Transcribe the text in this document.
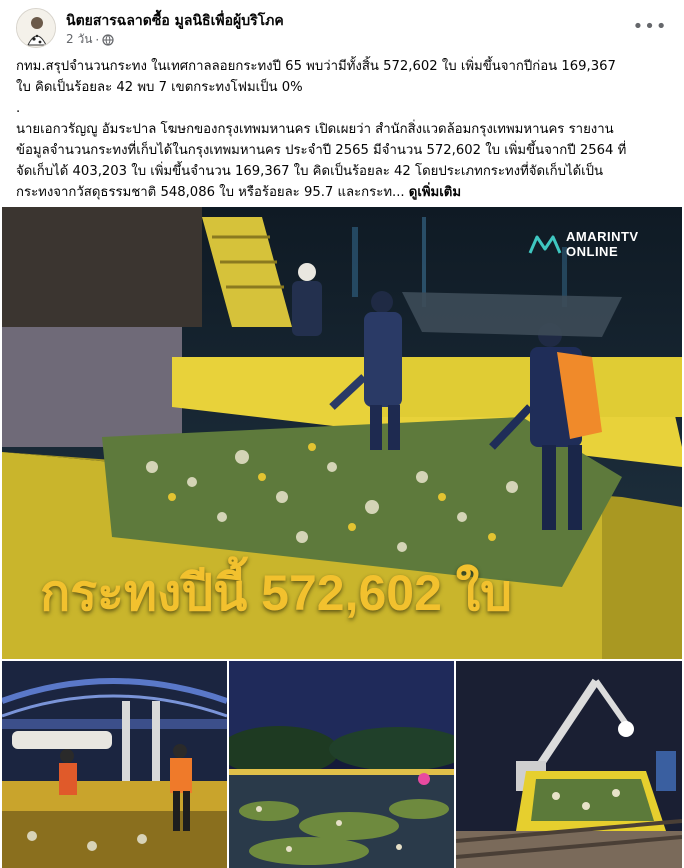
นิตยสารฉลาดซื้อ มูลนิธิเพื่อผู้บริโภค
2 วัน ·
•••

กทม.สรุปจำนวนกระทง ในเทศกาลลอยกระทงปี 65 พบว่ามีทั้งสิ้น 572,602 ใบ เพิ่มขึ้นจากปีก่อน 169,367

ใบ คิดเป็นร้อยละ 42 พบ 7 เขตกระทงโฟมเป็น 0%

.

นายเอกวรัญญู อัมระปาล โฆษกของกรุงเทพมหานคร เปิดเผยว่า สำนักสิ่งแวดล้อมกรุงเทพมหานคร รายงาน

ข้อมูลจำนวนกระทงที่เก็บได้ในกรุงเทพมหานคร ประจำปี 2565 มีจำนวน 572,602 ใบ เพิ่มขึ้นจากปี 2564 ที่

จัดเก็บได้ 403,203 ใบ เพิ่มขึ้นจำนวน 169,367 ใบ คิดเป็นร้อยละ 42 โดยประเภทกระทงที่จัดเก็บได้เป็น

กระทงจากวัสดุธรรมชาติ 548,086 ใบ หรือร้อยละ 95.7 และกระท... ดูเพิ่มเติม

AMARINTV
ONLINE
กระทงปีนี้ 572,602 ใบ
